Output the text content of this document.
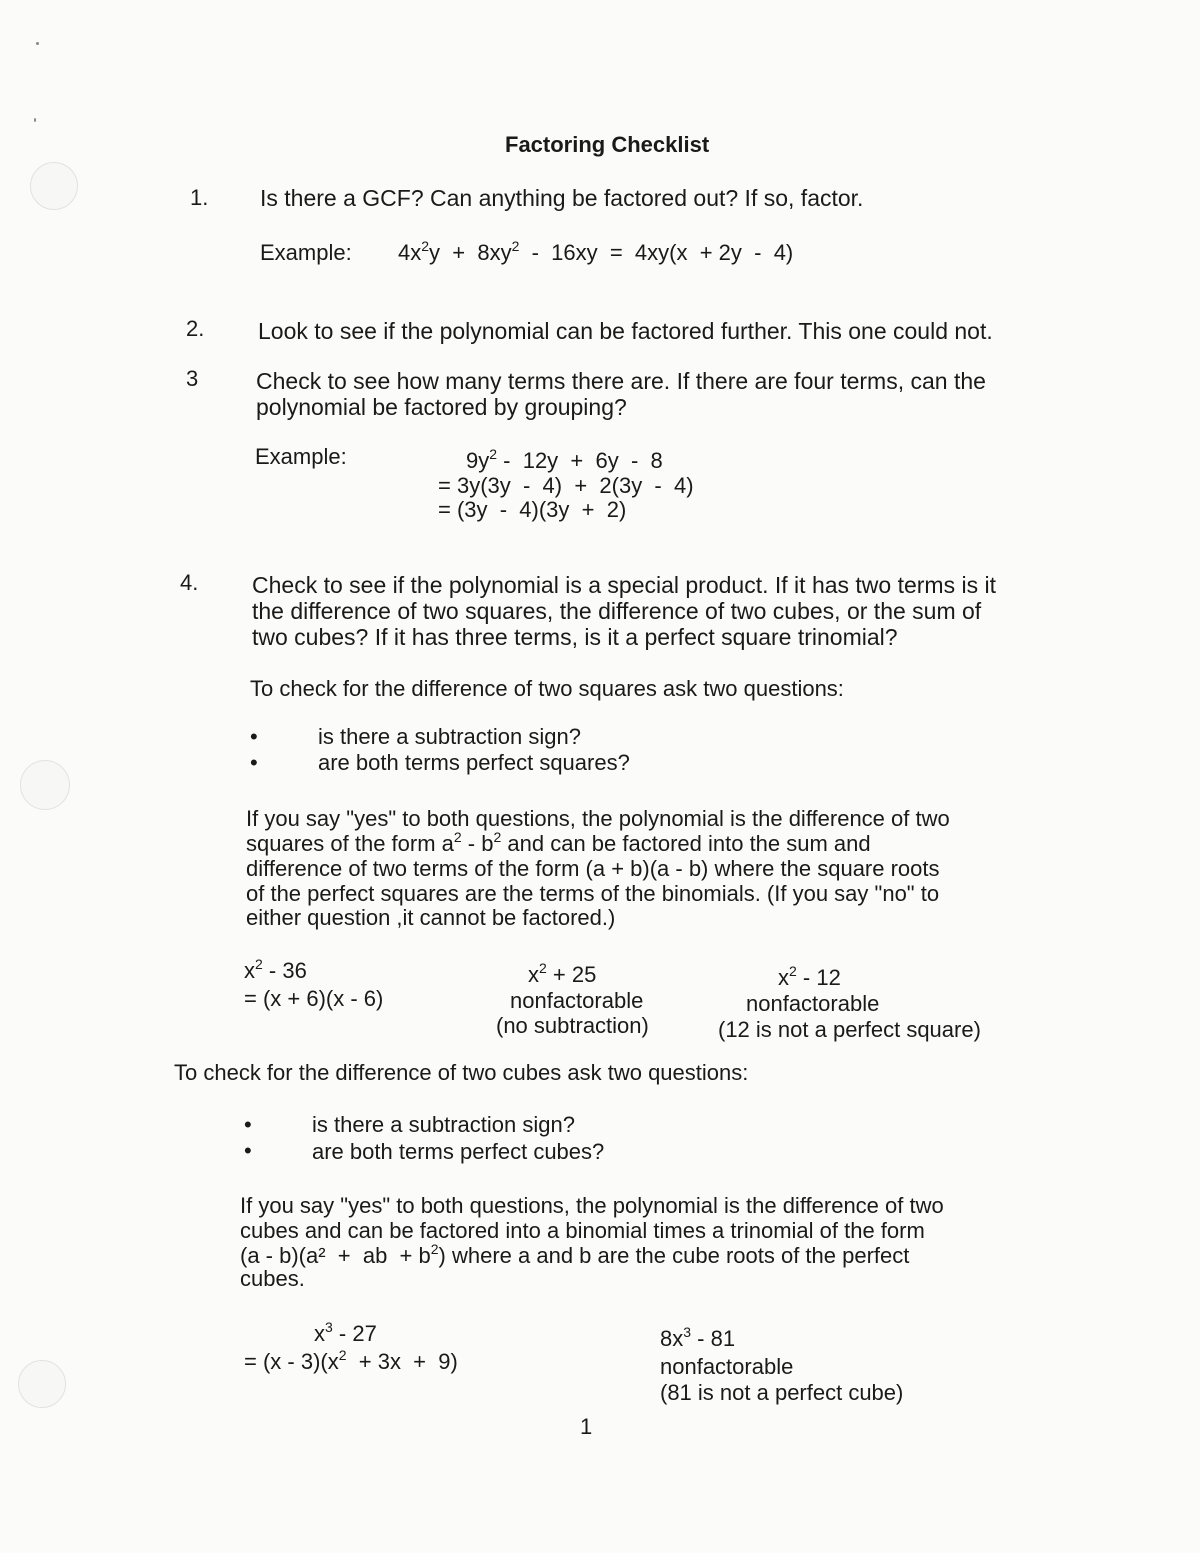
Factoring Checklist
1. Is there a GCF? Can anything be factored out? If so, factor.
Example: $4x^2y + 8xy^2 - 16xy = 4xy(x + 2y - 4)$
2. Look to see if the polynomial can be factored further. This one could not.
3	Check to see how many terms there are. If there are four terms, can the
polynomial be factored by grouping?
Example:	$9y^2 - 12y + 6y - 8$
= 3y(3y  -  4)  +  2(3y  -  4)
= (3y  -  4)(3y  +  2)
4. Check to see if the polynomial is a special product. If it has two terms is it
the difference of two squares, the difference of two cubes, or the sum of
two cubes? If it has three terms, is it a perfect square trinomial?
To check for the difference of two squares ask two questions:
•	is there a subtraction sign?
•	are both terms perfect squares?
If you say "yes" to both questions, the polynomial is the difference of two
squares of the form $a^2 - b^2$ and can be factored into the sum and
difference of two terms of the form (a + b)(a - b) where the square roots
of the perfect squares are the terms of the binomials. (If you say "no" to
either question ,it cannot be factored.)
$x^2 - 36$
= (x + 6)(x - 6)
$x^2 + 25$
nonfactorable
(no subtraction)
$x^2 - 12$
nonfactorable
(12 is not a perfect square)
To check for the difference of two cubes ask two questions:
•	is there a subtraction sign?
•	are both terms perfect cubes?
If you say "yes" to both questions, the polynomial is the difference of two
cubes and can be factored into a binomial times a trinomial of the form
(a - b)(a²  +  ab  + $b^2$) where a and b are the cube roots of the perfect
cubes.
$x^3 - 27$
= $(x - 3)(x^2 + 3x + 9)$
$8x^3 - 81$
nonfactorable
(81 is not a perfect cube)
1
